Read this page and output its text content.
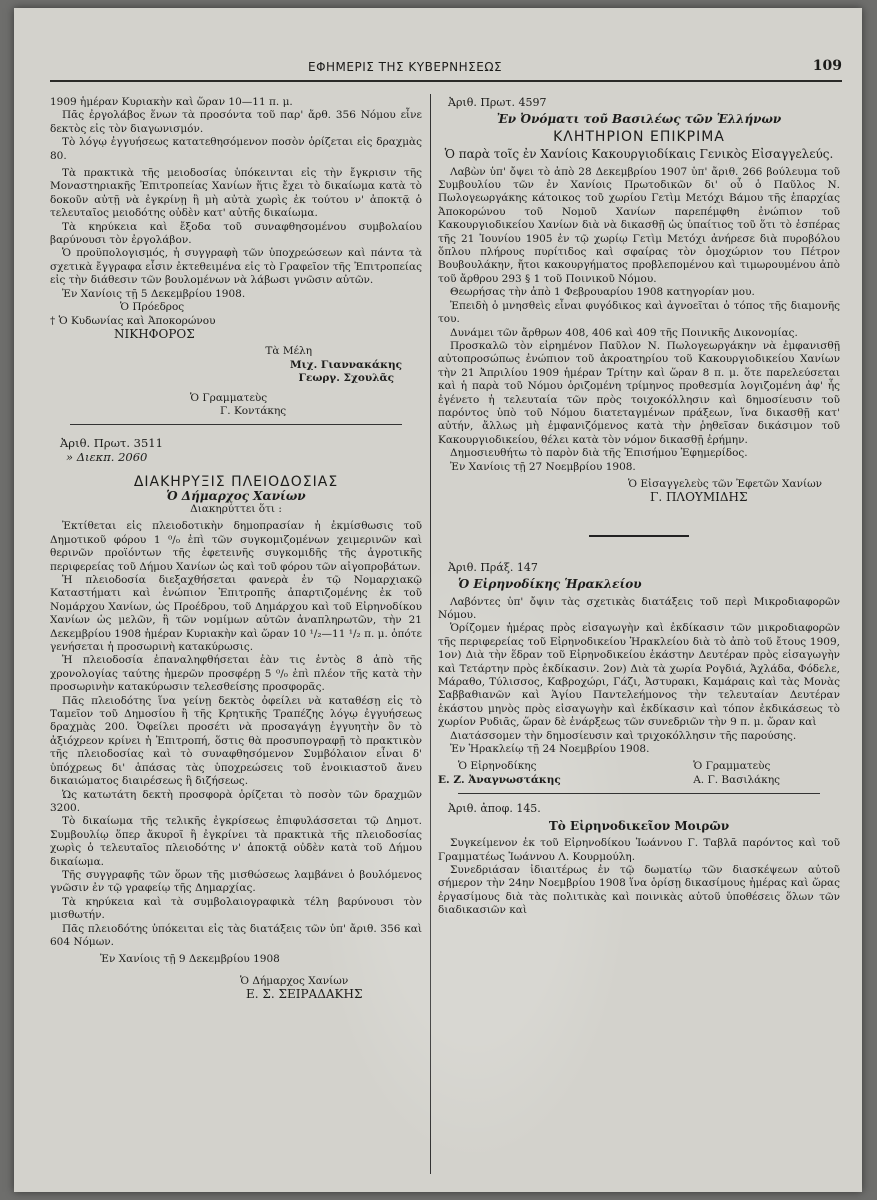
ΕΦΗΜΕΡΙΣ ΤΗΣ ΚΥΒΕΡΝΗΣΕΩΣ	109

1909 ἡμέραν Κυριακὴν καὶ ὥραν 10—11 π. μ.

Πᾶς ἐργολάβος ἕνων τὰ προσόντα τοῦ παρ' ἄρθ. 356 Νόμου εἶνε δεκτὸς εἰς τὸν διαγωνισμόν.

Τὸ λόγῳ ἐγγυήσεως κατατεθησόμενον ποσὸν ὁρίζεται εἰς δραχμὰς 80.

Τὰ πρακτικὰ τῆς μειοδοσίας ὑπόκεινται εἰς τὴν ἔγκρισιν τῆς Μοναστηριακῆς Ἐπιτροπείας Χανίων ἥτις ἔχει τὸ δικαίωμα κατὰ τὸ δοκοῦν αὐτῇ νὰ ἐγκρίνῃ ἢ μὴ αὐτὰ χωρὶς ἐκ τούτου ν' ἀποκτᾷ ὁ τελευταῖος μειοδότης οὐδὲν κατ' αὐτῆς δικαίωμα.

Τὰ κηρύκεια καὶ ἔξοδα τοῦ συναφθησομένου συμβολαίου βαρύνουσι τὸν ἐργολάβον.

Ὁ προϋπολογισμός, ἡ συγγραφὴ τῶν ὑποχρεώσεων καὶ πάντα τὰ σχετικὰ ἔγγραφα εἶσιν ἐκτεθειμένα εἰς τὸ Γραφεῖον τῆς Ἐπιτροπείας εἰς τὴν διάθεσιν τῶν βουλομένων νὰ λάβωσι γνῶσιν αὐτῶν.

Ἐν Χανίοις τῇ 5 Δεκεμβρίου 1908.

Ὁ Πρόεδρος

† Ὁ Κυδωνίας καὶ Ἀποκορώνου

ΝΙΚΗΦΟΡΟΣ

Τὰ Μέλη

Μιχ. Γιαννακάκης

Γεωργ. Σχουλᾶς

Ὁ Γραμματεὺς

Γ. Κοντάκης

Ἀριθ. Πρωτ. 3511

» Διεκπ. 2060

ΔΙΑΚΗΡΥΞΙΣ ΠΛΕΙΟΔΟΣΙΑΣ

Ὁ Δήμαρχος Χανίων

Διακηρύττει ὅτι :

Ἐκτίθεται εἰς πλειοδοτικὴν δημοπρασίαν ἡ ἐκμίσθωσις τοῦ Δημοτικοῦ φόρου 1 ⁰/₀ ἐπὶ τῶν συγκομιζομένων χειμερινῶν καὶ θερινῶν προϊόντων τῆς ἐφετεινῆς συγκομιδῆς τῆς ἀγροτικῆς περιφερείας τοῦ Δήμου Χανίων ὡς καὶ τοῦ φόρου τῶν αἰγοπροβάτων.

Ἡ πλειοδοσία διεξαχθήσεται φανερὰ ἐν τῷ Νομαρχιακῷ Καταστήματι καὶ ἐνώπιον Ἐπιτροπῆς ἀπαρτιζομένης ἐκ τοῦ Νομάρχου Χανίων, ὡς Προέδρου, τοῦ Δημάρχου καὶ τοῦ Εἰρηνοδίκου Χανίων ὡς μελῶν, ἢ τῶν νομίμων αὐτῶν ἀναπληρωτῶν, τὴν 21 Δεκεμβρίου 1908 ἡμέραν Κυριακὴν καὶ ὥραν 10 ¹/₂—11 ¹/₂ π. μ. ὁπότε γενήσεται ἡ προσωρινὴ κατακύρωσις.

Ἡ πλειοδοσία ἐπαναληφθήσεται ἐὰν τις ἐντὸς 8 ἀπὸ τῆς χρονολογίας ταύτης ἡμερῶν προσφέρῃ 5 ⁰/₀ ἐπὶ πλέον τῆς κατὰ τὴν προσωρινὴν κατακύρωσιν τελεσθείσης προσφορᾶς.

Πᾶς πλειοδότης ἵνα γείνῃ δεκτὸς ὀφείλει νὰ καταθέσῃ εἰς τὸ Ταμεῖον τοῦ Δημοσίου ἢ τῆς Κρητικῆς Τραπέζης λόγῳ ἐγγυήσεως δραχμὰς 200. Ὀφείλει προσέτι νὰ προσαγάγῃ ἐγγυητὴν ὃν τὸ ἀξιόχρεον κρίνει ἡ Ἐπιτροπή, ὅστις θὰ προσυπογραφῇ τὸ πρακτικὸν τῆς πλειοδοσίας καὶ τὸ συναφθησόμενον Συμβόλαιον εἶναι δ' ὑπόχρεως δι' ἁπάσας τὰς ὑποχρεώσεις τοῦ ἐνοικιαστοῦ ἄνευ δικαιώματος διαιρέσεως ἢ διζήσεως.

Ὡς κατωτάτη δεκτὴ προσφορὰ ὁρίζεται τὸ ποσὸν τῶν δραχμῶν 3200.

Τὸ δικαίωμα τῆς τελικῆς ἐγκρίσεως ἐπιφυλάσσεται τῷ Δημοτ. Συμβουλίῳ ὅπερ ἄκυροῖ ἢ ἐγκρίνει τὰ πρακτικὰ τῆς πλειοδοσίας χωρὶς ὁ τελευταῖος πλειοδότης ν' ἀποκτᾷ οὐδὲν κατὰ τοῦ Δήμου δικαίωμα.

Τῆς συγγραφῆς τῶν ὅρων τῆς μισθώσεως λαμβάνει ὁ βουλόμενος γνῶσιν ἐν τῷ γραφείῳ τῆς Δημαρχίας.

Τὰ κηρύκεια καὶ τὰ συμβολαιογραφικὰ τέλη βαρύνουσι τὸν μισθωτήν.

Πᾶς πλειοδότης ὑπόκειται εἰς τὰς διατάξεις τῶν ὑπ' ἄριθ. 356 καὶ 604 Νόμων.

Ἐν Χανίοις τῇ 9 Δεκεμβρίου 1908

Ὁ Δήμαρχος Χανίων

Ε. Σ. ΣΕΙΡΑΔΑΚΗΣ

Ἀριθ. Πρωτ. 4597

Ἐν Ὀνόματι τοῦ Βασιλέως τῶν Ἑλλήνων

ΚΛΗΤΗΡΙΟΝ ΕΠΙΚΡΙΜΑ

Ὁ παρὰ τοῖς ἐν Χανίοις Κακουργιοδίκαις Γενικὸς Εἰσαγγελεύς.

Λαβὼν ὑπ' ὄψει τὸ ἀπὸ 28 Δεκεμβρίου 1907 ὑπ' ἄριθ. 266 βούλευμα τοῦ Συμβουλίου τῶν ἐν Χανίοις Πρωτοδικῶν δι' οὗ ὁ Παῦλος Ν. Πωλογεωργάκης κάτοικος τοῦ χωρίου Γετὶμ Μετόχι Βάμου τῆς ἐπαρχίας Ἀποκορώνου τοῦ Νομοῦ Χανίων παρεπέμφθη ἐνώπιον τοῦ Κακουργιοδικείου Χανίων διὰ νὰ δικασθῇ ὡς ὑπαίτιος τοῦ ὅτι τὸ ἑσπέρας τῆς 21 Ἰουνίου 1905 ἐν τῷ χωρίῳ Γετὶμ Μετόχι ἀνήρεσε διὰ πυροβόλου ὅπλου πλήρους πυρίτιδος καὶ σφαίρας τὸν ὁμοχώριον του Πέτρον Βουβουλάκην, ἤτοι κακουργήματος προβλεπομένου καὶ τιμωρουμένου ἀπὸ τοῦ ἄρθρου 293 § 1 τοῦ Ποινικοῦ Νόμου.

Θεωρήσας τὴν ἀπὸ 1 Φεβρουαρίου 1908 κατηγορίαν μου.

Ἐπειδὴ ὁ μνησθεὶς εἶναι φυγόδικος καὶ ἀγνοεῖται ὁ τόπος τῆς διαμονῆς του.

Δυνάμει τῶν ἄρθρων 408, 406 καὶ 409 τῆς Ποινικῆς Δικονομίας.

Προσκαλῶ τὸν εἰρημένον Παῦλον Ν. Πωλογεωργάκην νὰ ἐμφανισθῇ αὐτοπροσώπως ἐνώπιον τοῦ ἀκροατηρίου τοῦ Κακουργιοδικείου Χανίων τὴν 21 Ἀπριλίου 1909 ἡμέραν Τρίτην καὶ ὥραν 8 π. μ. ὅτε παρελεύσεται καὶ ἡ παρὰ τοῦ Νόμου ὁριζομένη τρίμηνος προθεσμία λογιζομένη ἀφ' ἧς ἐγένετο ἡ τελευταία τῶν πρὸς τοιχοκόλλησιν καὶ δημοσίευσιν τοῦ παρόντος ὑπὸ τοῦ Νόμου διατεταγμένων πράξεων, ἵνα δικασθῇ κατ' αὐτήν, ἄλλως μὴ ἐμφανιζόμενος κατὰ τὴν ῥηθεῖσαν δικάσιμον τοῦ Κακουργιοδικείου, θέλει κατὰ τὸν νόμον δικασθῇ ἐρήμην.

Δημοσιευθήτω τὸ παρὸν διὰ τῆς Ἐπισήμου Ἐφημερίδος.

Ἐν Χανίοις τῇ 27 Νοεμβρίου 1908.

Ὁ Εἰσαγγελεὺς τῶν Ἐφετῶν Χανίων

Γ. ΠΛΟΥΜΙΔΗΣ

Ἀριθ. Πράξ. 147

Ὁ Εἰρηνοδίκης Ἡρακλείου

Λαβόντες ὑπ' ὄψιν τὰς σχετικὰς διατάξεις τοῦ περὶ Μικροδιαφορῶν Νόμου.

Ὁρίζομεν ἡμέρας πρὸς εἰσαγωγὴν καὶ ἐκδίκασιν τῶν μικροδιαφορῶν τῆς περιφερείας τοῦ Εἰρηνοδικείου Ἡρακλείου διὰ τὸ ἀπὸ τοῦ ἔτους 1909, 1ον) Διὰ τὴν ἕδραν τοῦ Εἰρηνοδικείου ἑκάστην Δευτέραν πρὸς εἰσαγωγὴν καὶ Τετάρτην πρὸς ἐκδίκασιν. 2ον) Διὰ τὰ χωρία Ρογδιά, Ἀχλάδα, Φόδελε, Μάραθο, Τύλισσος, Καβροχώρι, Γάζι, Ἀστυρακι, Καμάραις καὶ τὰς Μονὰς Σαββαθιανῶν καὶ Ἁγίου Παντελεήμονος τὴν τελευταίαν Δευτέραν ἑκάστου μηνὸς πρὸς εἰσαγωγὴν καὶ ἐκδίκασιν καὶ τόπον ἐκδικάσεως τὸ χωρίον Ρυδιᾶς, ὥραν δὲ ἐνάρξεως τῶν συνεδριῶν τὴν 9 π. μ. ὥραν καὶ

Διατάσσομεν τὴν δημοσίευσιν καὶ τριχοκόλλησιν τῆς παρούσης.

Ἐν Ἡρακλείῳ τῇ 24 Νοεμβρίου 1908.

Ὁ Εἰρηνοδίκης

Ε. Ζ. Ἀναγνωστάκης

Ὁ Γραμματεὺς

Α. Γ. Βασιλάκης

Ἀριθ. ἀποφ. 145.

Τὸ Εἰρηνοδικεῖον Μοιρῶν

Συγκείμενον ἐκ τοῦ Εἰρηνοδίκου Ἰωάννου Γ. Ταβλᾶ παρόντος καὶ τοῦ Γραμματέως Ἰωάννου Λ. Κουρμούλη.

Συνεδριάσαν ἰδιαιτέρως ἐν τῷ δωματίῳ τῶν διασκέψεων αὐτοῦ σήμερον τὴν 24ην Νοεμβρίου 1908 ἵνα ὁρίσῃ δικασίμους ἡμέρας καὶ ὥρας ἐργασίμους διὰ τὰς πολιτικὰς καὶ ποινικὰς αὐτοῦ ὑποθέσεις ὅλων τῶν διαδικασιῶν καὶ
